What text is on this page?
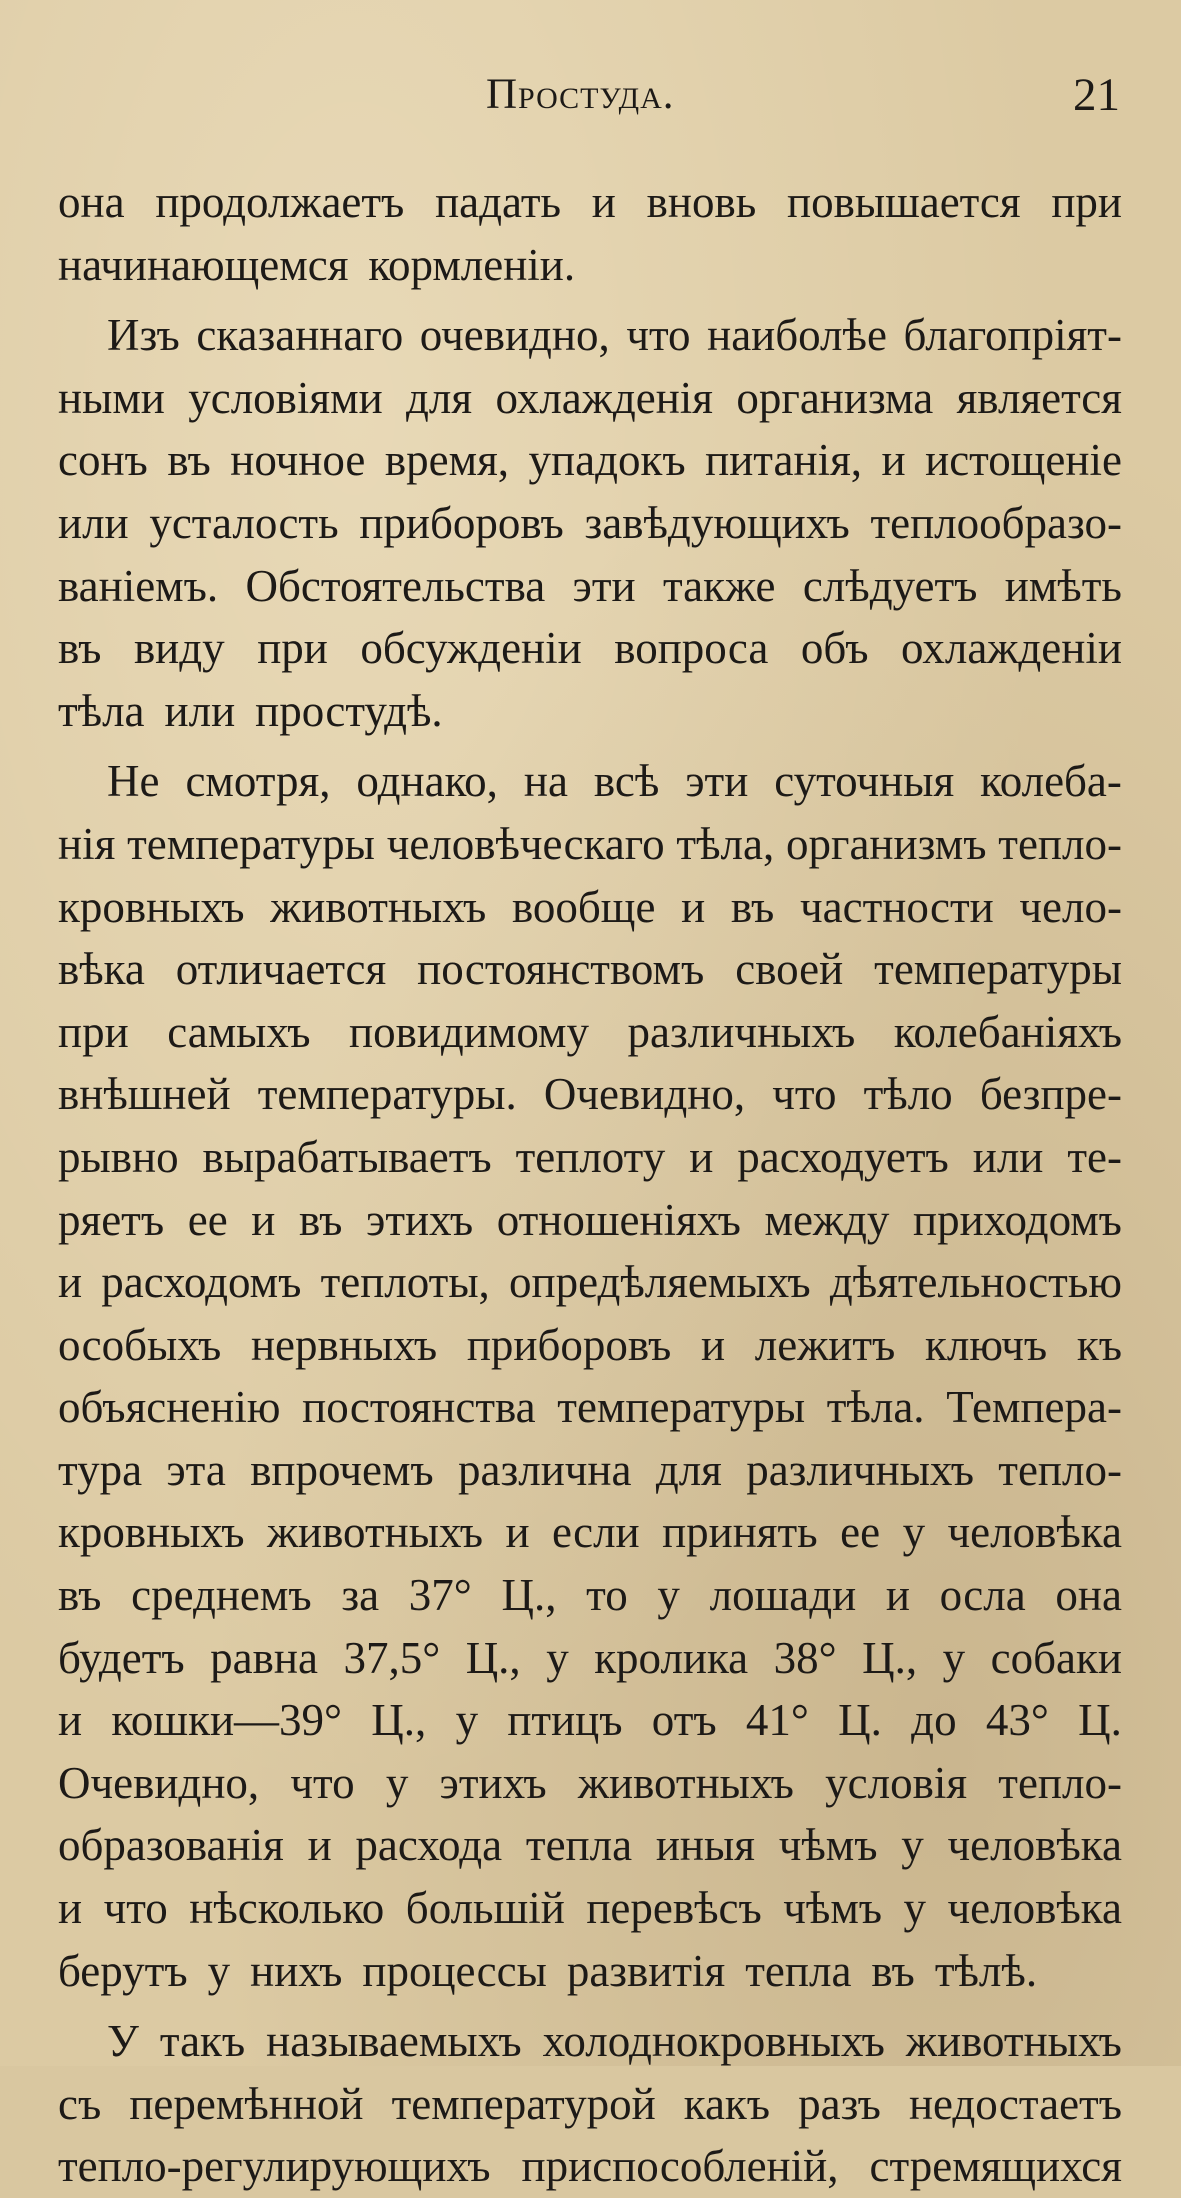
Простуда.	21
она продолжаетъ падать и вновь повышается при
начинающемся кормленіи.
Изъ сказаннаго очевидно, что наиболѣе благопріят-
ными условіями для охлажденія организма является
сонъ въ ночное время, упадокъ питанія, и истощеніе
или усталость приборовъ завѣдующихъ теплообразо-
ваніемъ. Обстоятельства эти также слѣдуетъ имѣть
въ виду при обсужденіи вопроса объ охлажденіи
тѣла или простудѣ.
Не смотря, однако, на всѣ эти суточныя колеба-
нія температуры человѣческаго тѣла, организмъ тепло-
кровныхъ животныхъ вообще и въ частности чело-
вѣка отличается постоянствомъ своей температуры
при самыхъ повидимому различныхъ колебаніяхъ
внѣшней температуры. Очевидно, что тѣло безпре-
рывно вырабатываетъ теплоту и расходуетъ или те-
ряетъ ее и въ этихъ отношеніяхъ между приходомъ
и расходомъ теплоты, опредѣляемыхъ дѣятельностью
особыхъ нервныхъ приборовъ и лежитъ ключъ къ
объясненію постоянства температуры тѣла. Темпера-
тура эта впрочемъ различна для различныхъ тепло-
кровныхъ животныхъ и если принять ее у человѣка
въ среднемъ за 37° Ц., то у лошади и осла она
будетъ равна 37,5° Ц., у кролика 38° Ц., у собаки
и кошки—39° Ц., у птицъ отъ 41° Ц. до 43° Ц.
Очевидно, что у этихъ животныхъ условія тепло-
образованія и расхода тепла иныя чѣмъ у человѣка
и что нѣсколько большій перевѣсъ чѣмъ у человѣка
берутъ у нихъ процессы развитія тепла въ тѣлѣ.
У такъ называемыхъ холоднокровныхъ животныхъ
съ перемѣнной температурой какъ разъ недостаетъ
тепло-регулирующихъ приспособленій, стремящихся
